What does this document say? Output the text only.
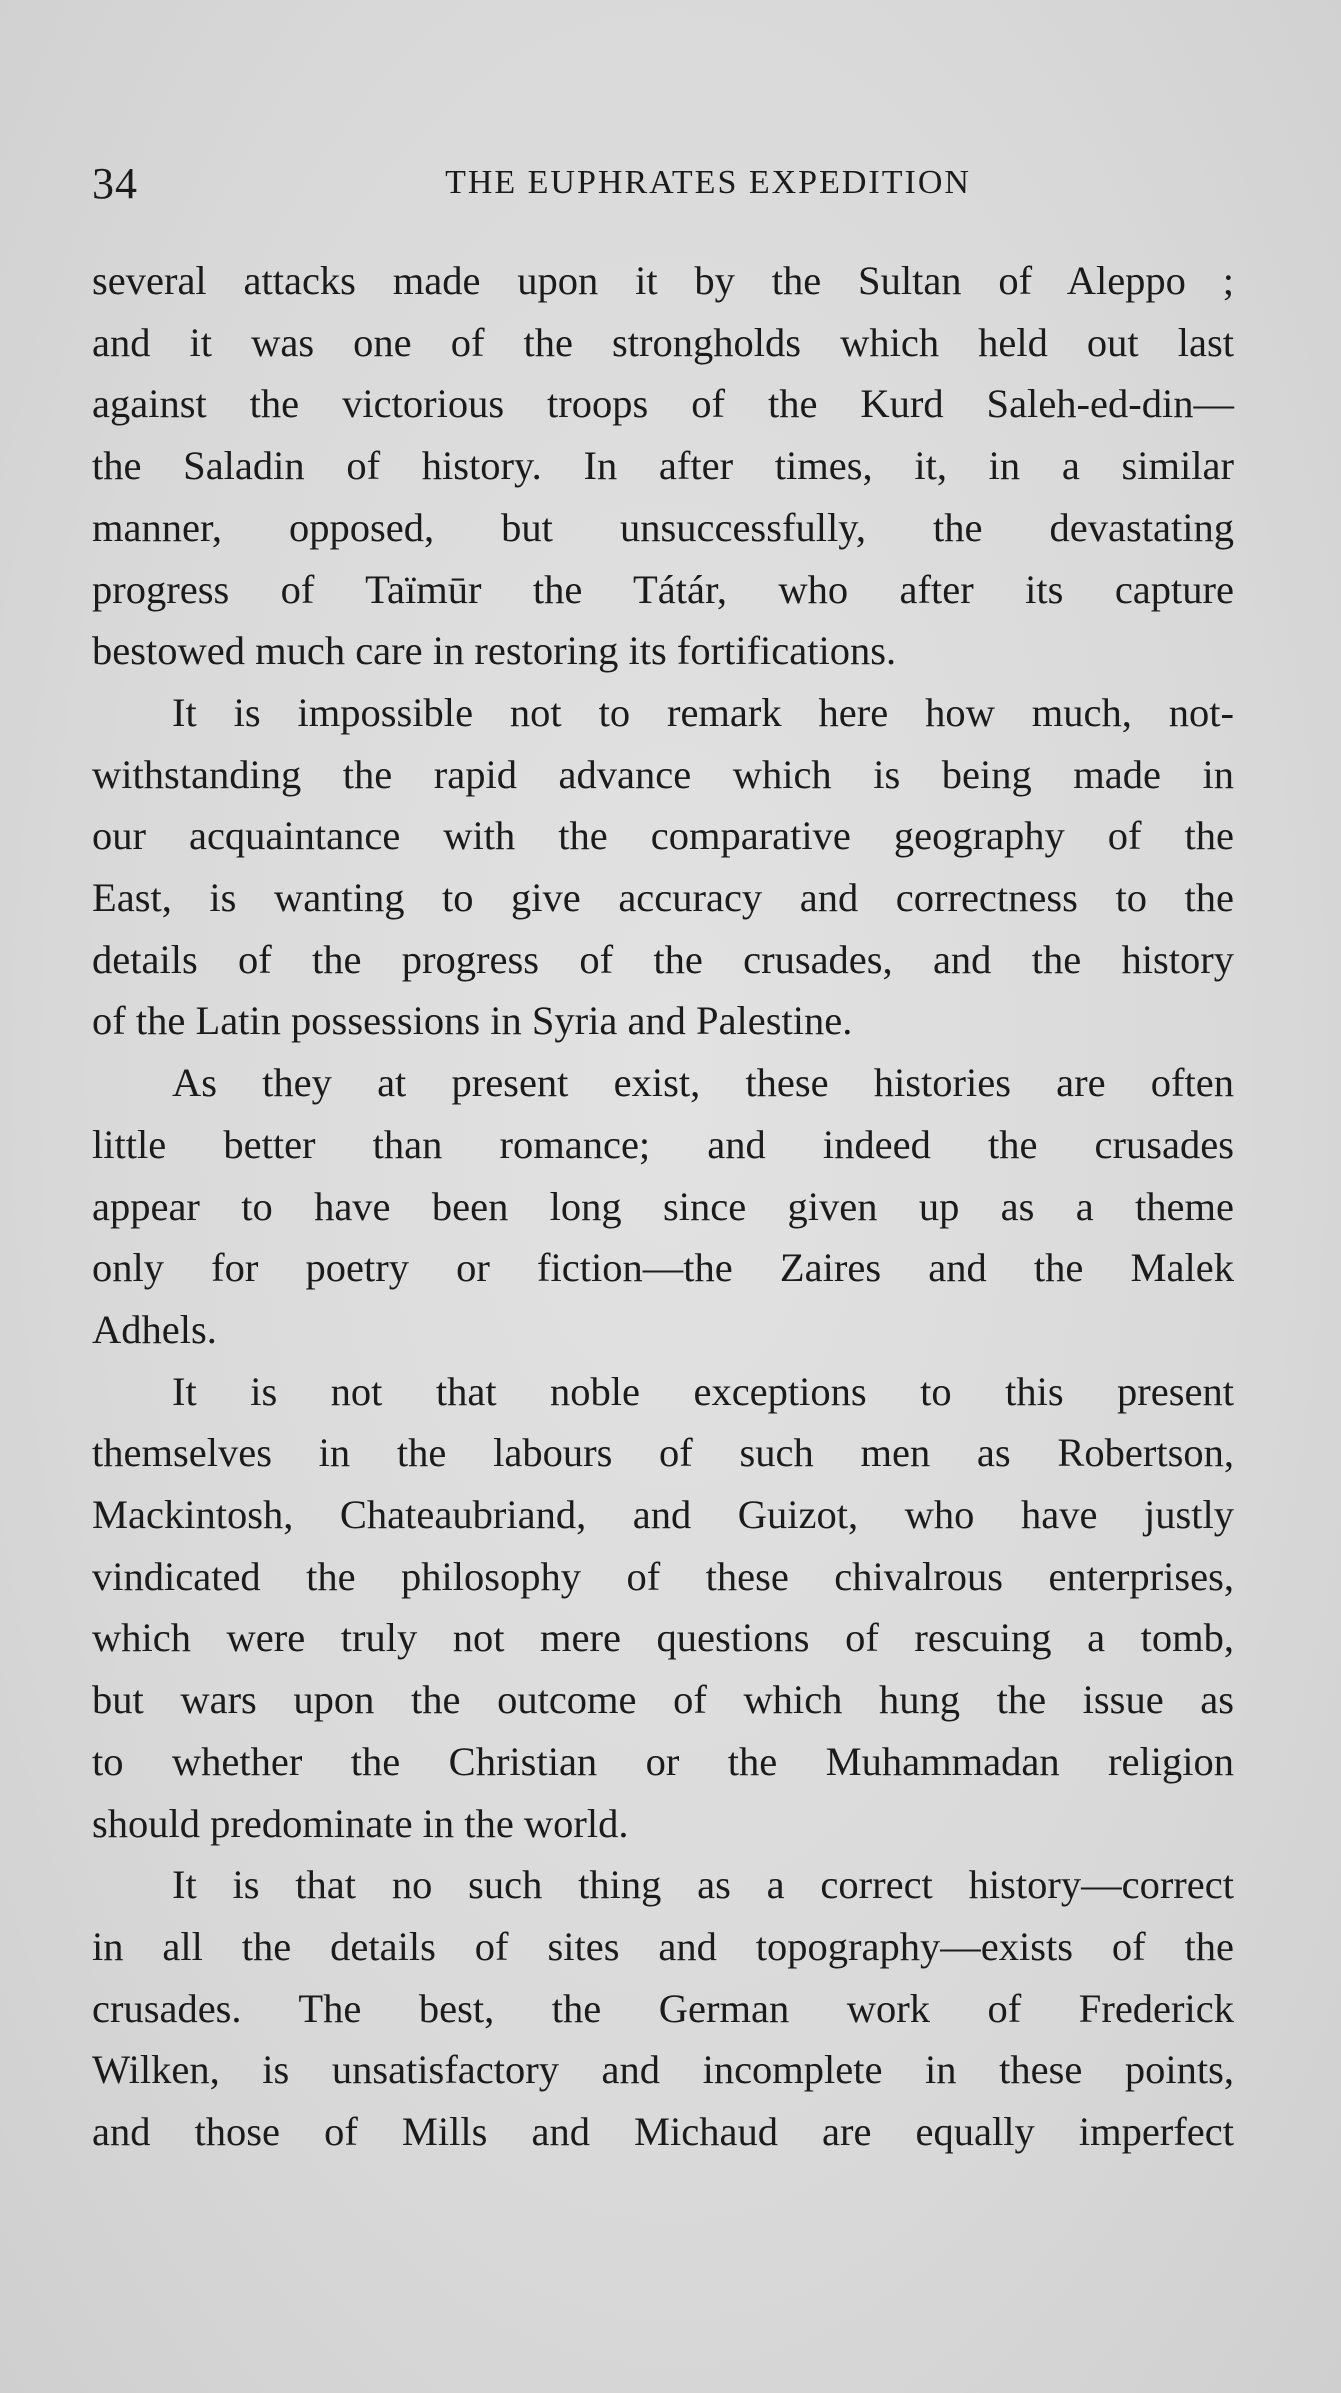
34	THE EUPHRATES EXPEDITION
several attacks made upon it by the Sultan of Aleppo ;
and it was one of the strongholds which held out last
against the victorious troops of the Kurd Saleh-ed-din—
the Saladin of history. In after times, it, in a similar
manner, opposed, but unsuccessfully, the devastating
progress of Taïmūr the Tátár, who after its capture
bestowed much care in restoring its fortifications.
It is impossible not to remark here how much, not-
withstanding the rapid advance which is being made in
our acquaintance with the comparative geography of the
East, is wanting to give accuracy and correctness to the
details of the progress of the crusades, and the history
of the Latin possessions in Syria and Palestine.
As they at present exist, these histories are often
little better than romance; and indeed the crusades
appear to have been long since given up as a theme
only for poetry or fiction—the Zaires and the Malek
Adhels.
It is not that noble exceptions to this present
themselves in the labours of such men as Robertson,
Mackintosh, Chateaubriand, and Guizot, who have justly
vindicated the philosophy of these chivalrous enterprises,
which were truly not mere questions of rescuing a tomb,
but wars upon the outcome of which hung the issue as
to whether the Christian or the Muhammadan religion
should predominate in the world.
It is that no such thing as a correct history—correct
in all the details of sites and topography—exists of the
crusades. The best, the German work of Frederick
Wilken, is unsatisfactory and incomplete in these points,
and those of Mills and Michaud are equally imperfect
